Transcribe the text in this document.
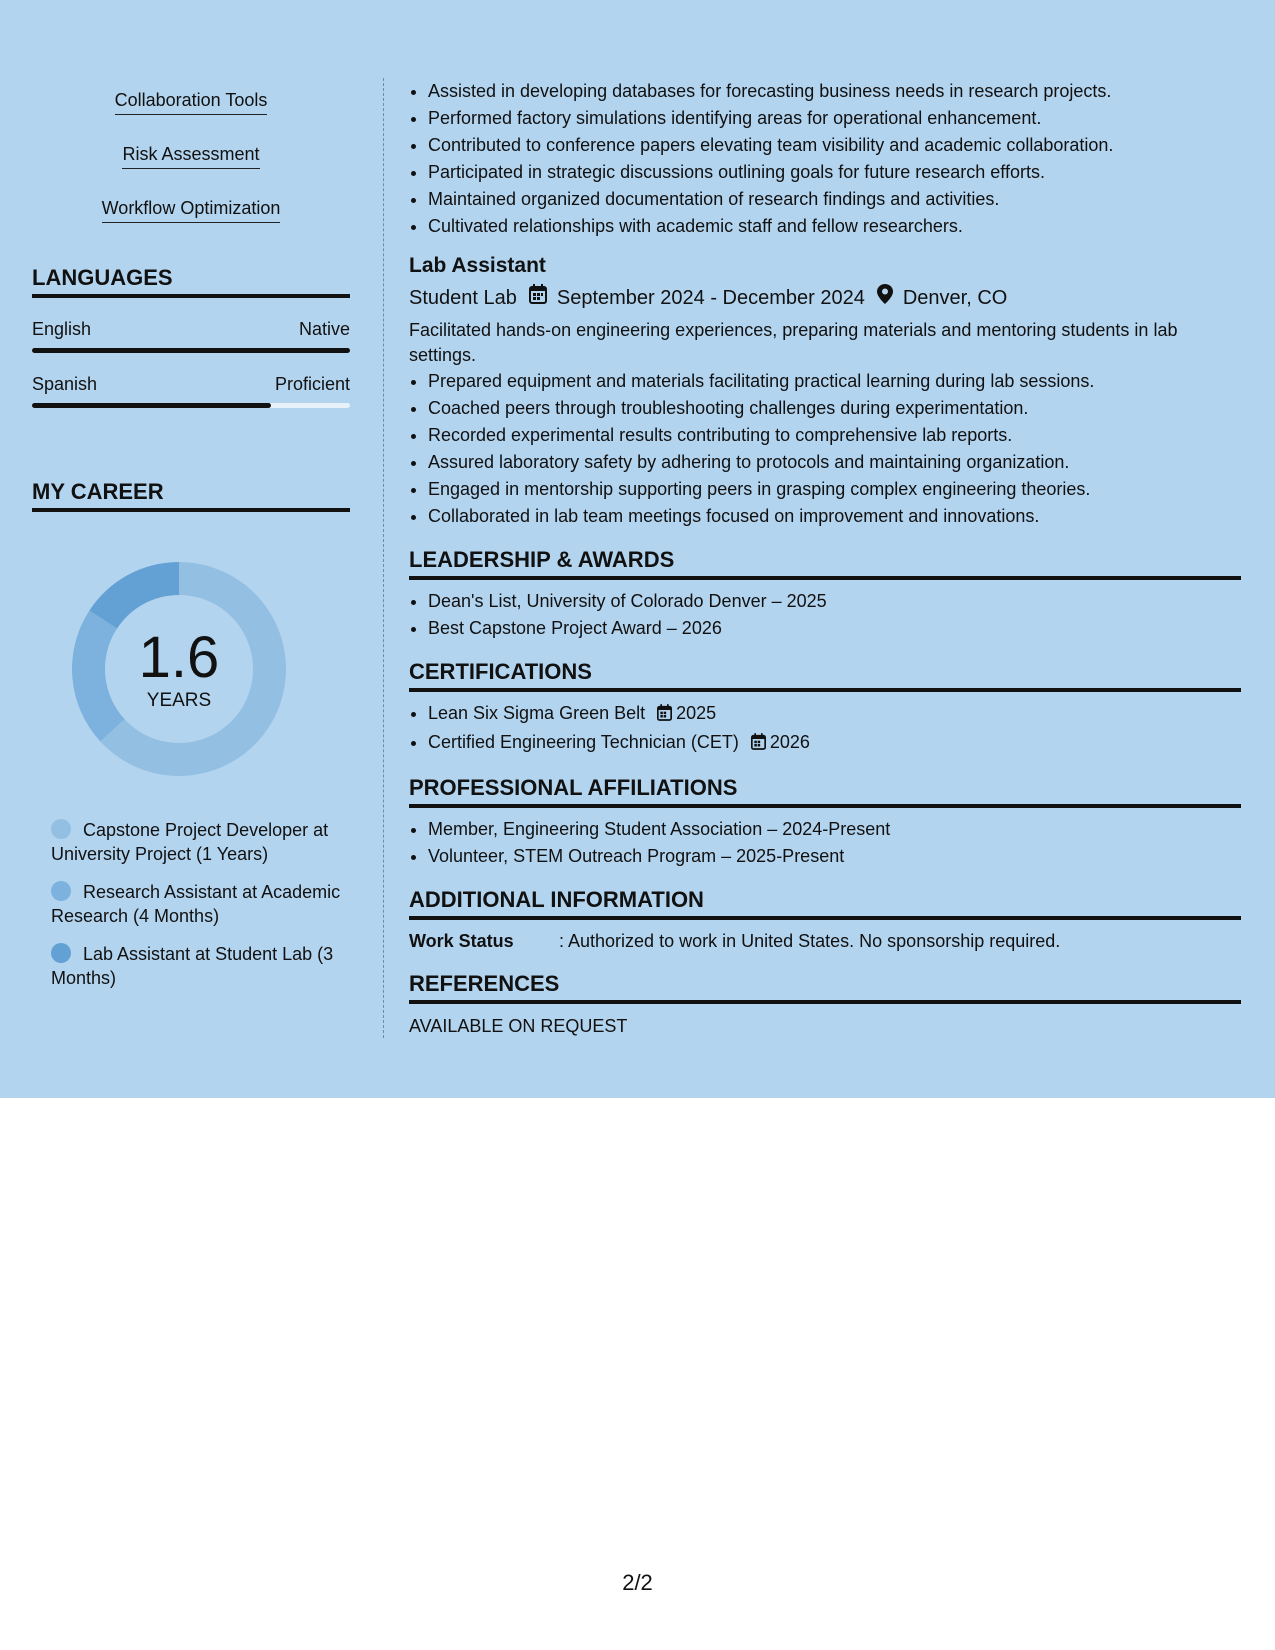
Collaboration Tools
Risk Assessment
Workflow Optimization
LANGUAGES
English	Native
Spanish	Proficient
MY CAREER
1.6
YEARS
Capstone Project Developer at University Project (1 Years)
Research Assistant at Academic Research (4 Months)
Lab Assistant at Student Lab (3 Months)
• Assisted in developing databases for forecasting business needs in research projects.
• Performed factory simulations identifying areas for operational enhancement.
• Contributed to conference papers elevating team visibility and academic collaboration.
• Participated in strategic discussions outlining goals for future research efforts.
• Maintained organized documentation of research findings and activities.
• Cultivated relationships with academic staff and fellow researchers.
Lab Assistant
Student Lab September 2024 - December 2024 Denver, CO
Facilitated hands-on engineering experiences, preparing materials and mentoring students in lab settings.
• Prepared equipment and materials facilitating practical learning during lab sessions.
• Coached peers through troubleshooting challenges during experimentation.
• Recorded experimental results contributing to comprehensive lab reports.
• Assured laboratory safety by adhering to protocols and maintaining organization.
• Engaged in mentorship supporting peers in grasping complex engineering theories.
• Collaborated in lab team meetings focused on improvement and innovations.
LEADERSHIP & AWARDS
• Dean's List, University of Colorado Denver – 2025
• Best Capstone Project Award – 2026
CERTIFICATIONS
• Lean Six Sigma Green Belt 2025
• Certified Engineering Technician (CET) 2026
PROFESSIONAL AFFILIATIONS
• Member, Engineering Student Association – 2024-Present
• Volunteer, STEM Outreach Program – 2025-Present
ADDITIONAL INFORMATION
Work Status	: Authorized to work in United States. No sponsorship required.
REFERENCES
AVAILABLE ON REQUEST
2/2
